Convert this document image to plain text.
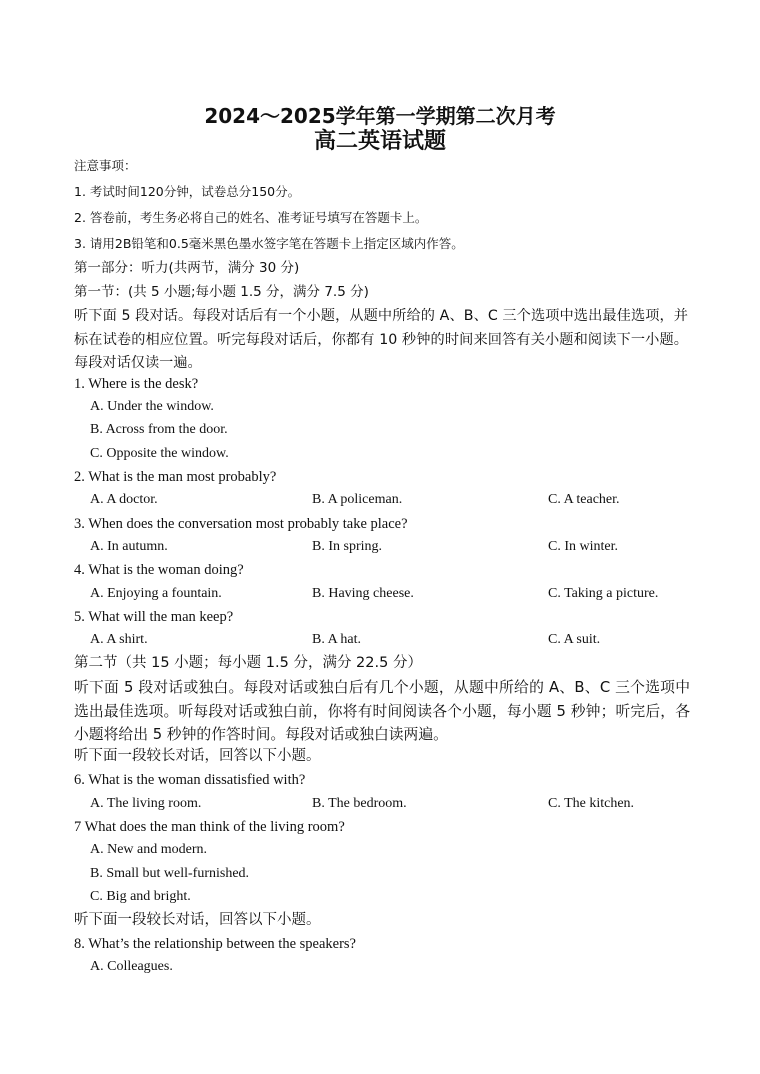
2024～2025学年第一学期第二次月考
高二英语试题
注意事项：
1. 考试时间120分钟，试卷总分150分。
2. 答卷前，考生务必将自己的姓名、准考证号填写在答题卡上。
3. 请用2B铅笔和0.5毫米黑色墨水签字笔在答题卡上指定区域内作答。
第一部分：听力(共两节，满分 30 分)
第一节：(共 5 小题;每小题 1.5 分，满分 7.5 分)

听下面 5 段对话。每段对话后有一个小题，从题中所给的 A、B、C 三个选项中选出最佳选项，并标在试卷的相应位置。听完每段对话后，你都有 10 秒钟的时间来回答有关小题和阅读下一小题。每段对话仅读一遍。

1. Where is the desk?
A. Under the window.
B. Across from the door.
C. Opposite the window.
2. What is the man most probably?
A. A doctor.	B. A policeman.	C. A teacher.
3. When does the conversation most probably take place?
A. In autumn.	B. In spring.	C. In winter.
4. What is the woman doing?
A. Enjoying a fountain.	B. Having cheese.	C. Taking a picture.
5. What will the man keep?
A. A shirt.	B. A hat.	C. A suit.
第二节（共 15 小题；每小题 1.5 分，满分 22.5 分）

听下面 5 段对话或独白。每段对话或独白后有几个小题，从题中所给的 A、B、C 三个选项中选出最佳选项。听每段对话或独白前，你将有时间阅读各个小题，每小题 5 秒钟；听完后，各小题将给出 5 秒钟的作答时间。每段对话或独白读两遍。

听下面一段较长对话，回答以下小题。
6. What is the woman dissatisfied with?
A. The living room.	B. The bedroom.	C. The kitchen.
7 What does the man think of the living room?
A. New and modern.
B. Small but well-furnished.
C. Big and bright.
听下面一段较长对话，回答以下小题。
8. What’s the relationship between the speakers?
A. Colleagues.
